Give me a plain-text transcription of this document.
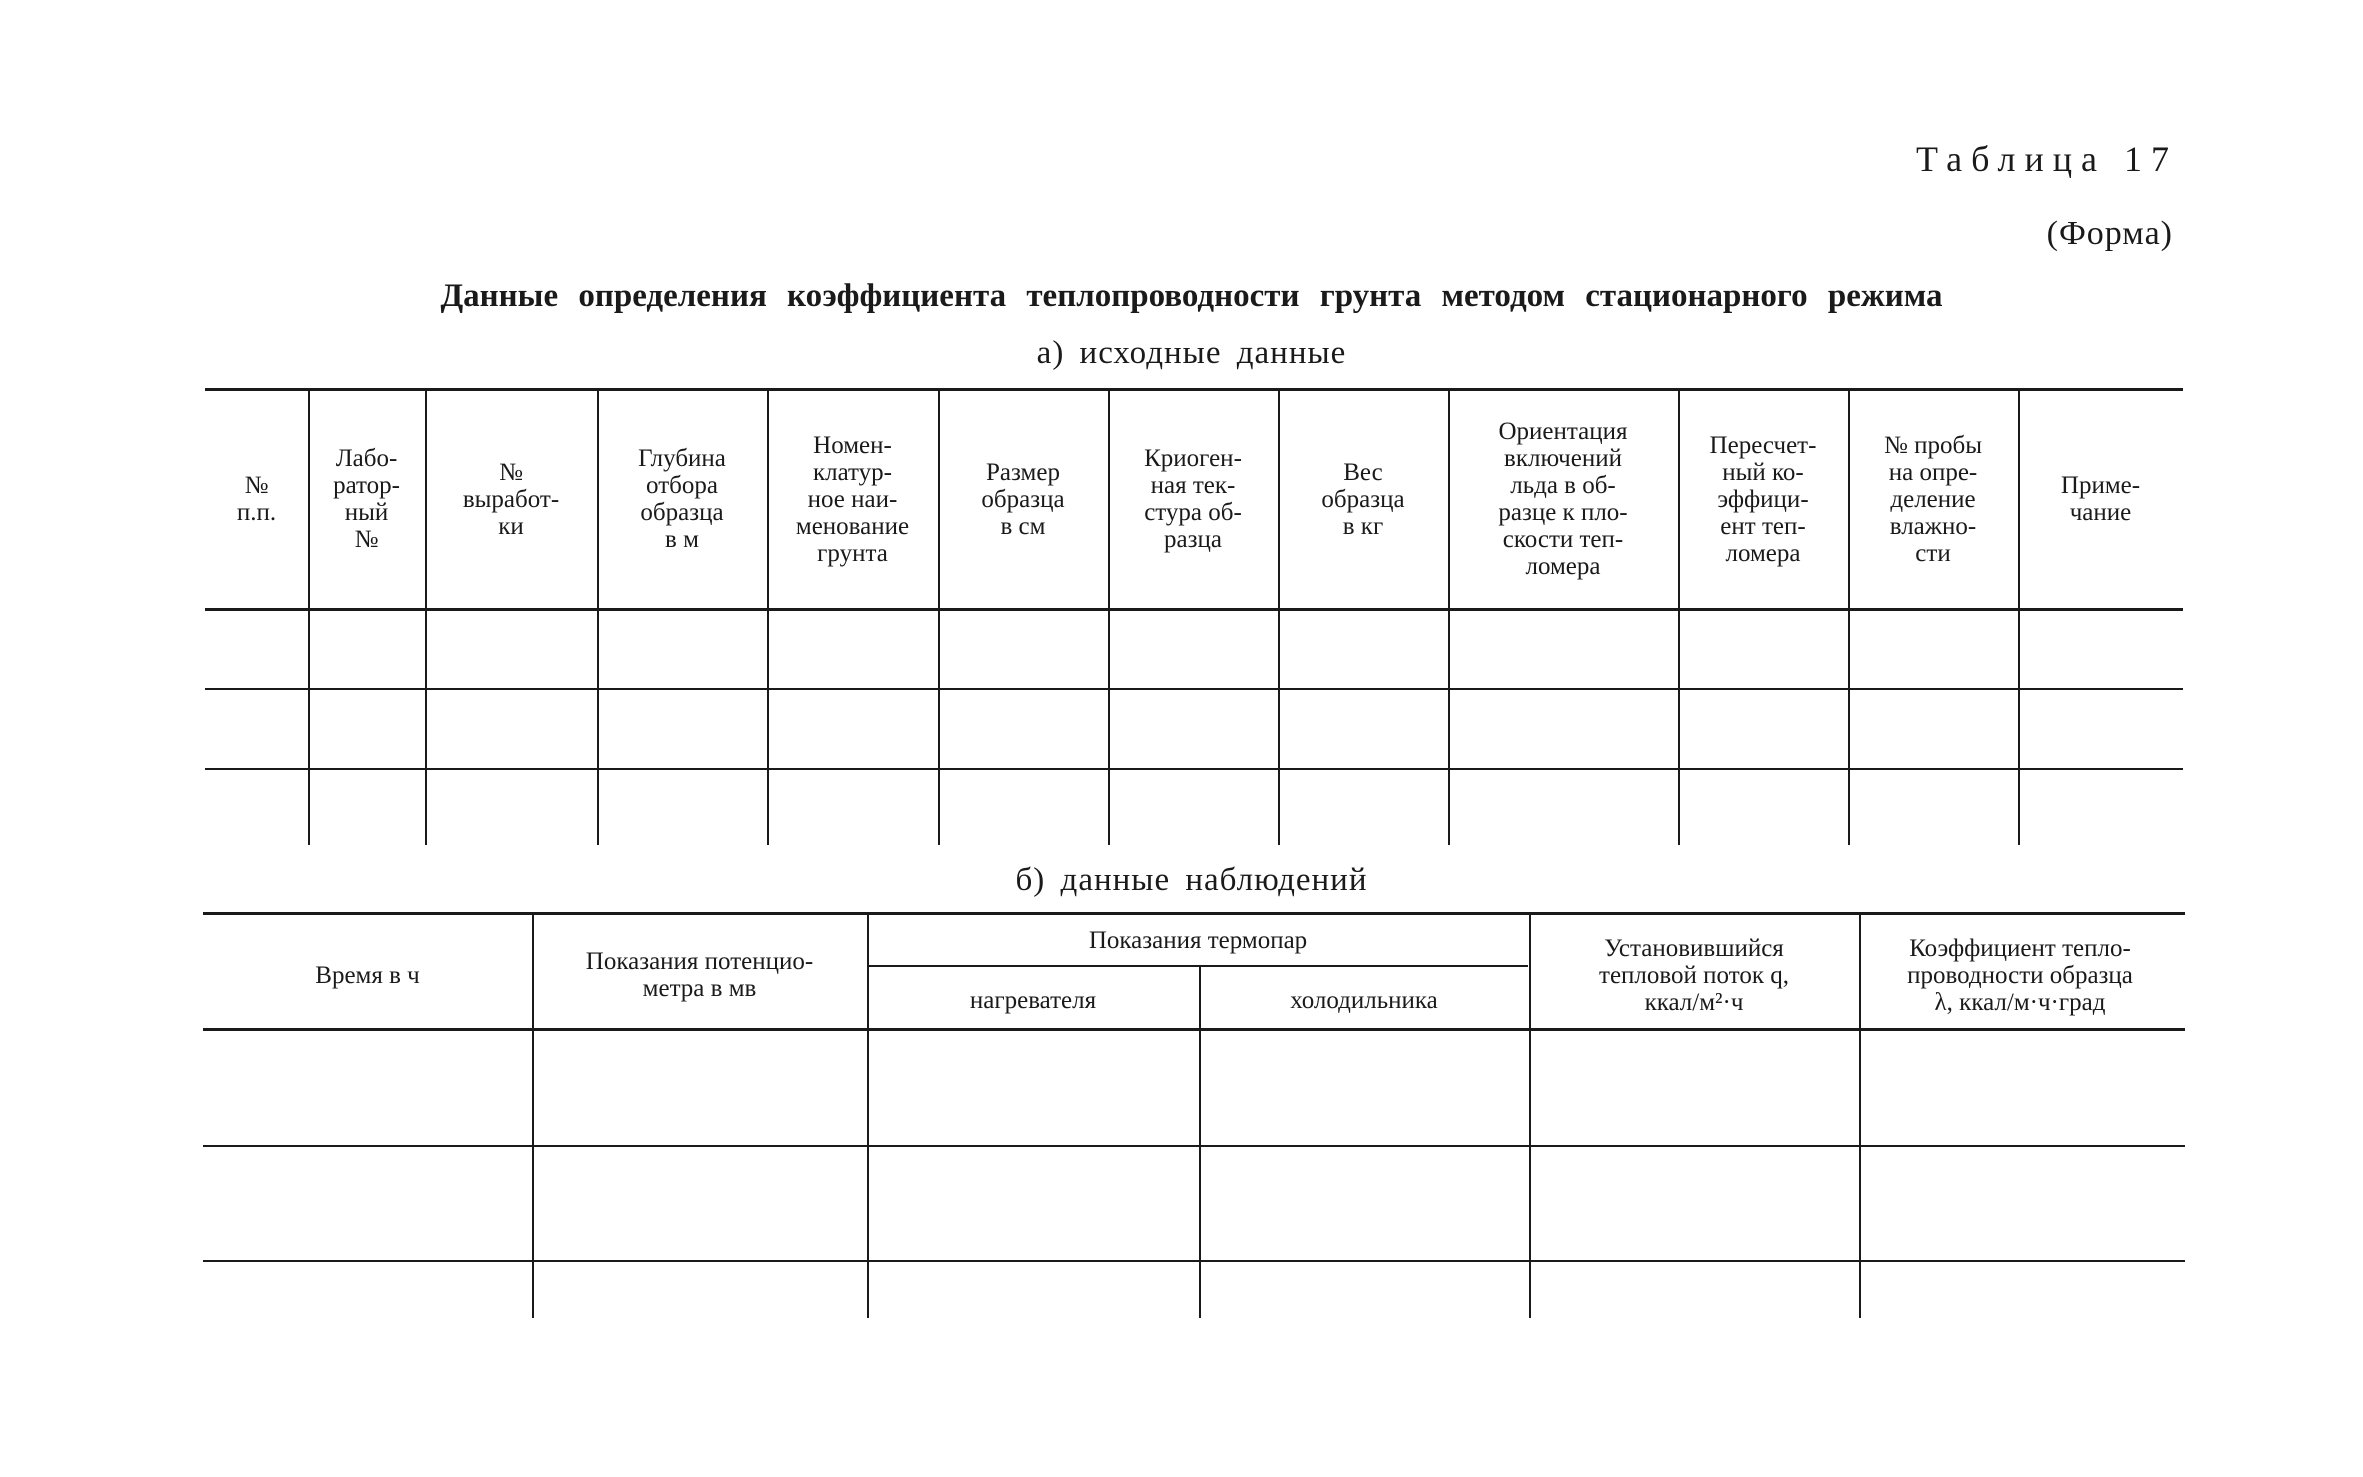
Таблица 17
(Форма)
Данные определения коэффициента теплопроводности грунта методом стационарного режима
а) исходные данные
№
п.п.
Лабо-
ратор-
ный
№
№
выработ-
ки
Глубина
отбора
образца
в м
Номен-
клатур-
ное наи-
менование
грунта
Размер
образца
в см
Криоген-
ная тек-
стура об-
разца
Вес
образца
в кг
Ориентация
включений
льда в об-
разце к пло-
скости теп-
ломера
Пересчет-
ный ко-
эффици-
ент теп-
ломера
№ пробы
на опре-
деление
влажно-
сти
Приме-
чание
б) данные наблюдений
Время в ч	Показания потенцио-
метра в мв
Показания термопар
нагревателя	холодильника
Установившийся
тепловой поток q,
ккал/м²·ч
Коэффициент тепло-
проводности образца
λ, ккал/м·ч·град
